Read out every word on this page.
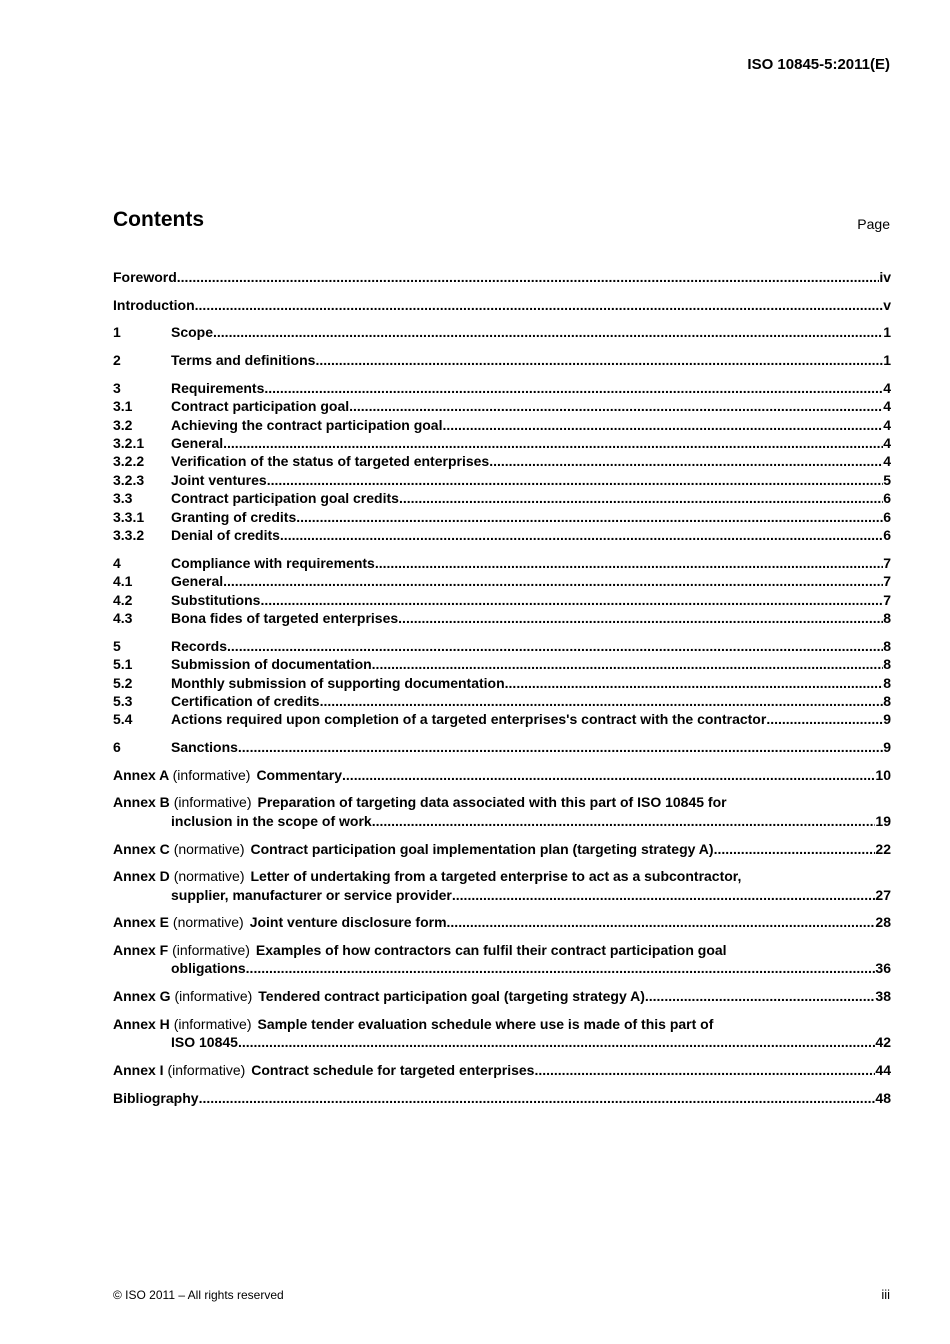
ISO 10845-5:2011(E)
Contents	Page
Foreword .....	iv
Introduction .....	v
1	Scope .....	1
2	Terms and definitions .....	1
3	Requirements .....	4
3.1	Contract participation goal .....	4
3.2	Achieving the contract participation goal .....	4
3.2.1	General .....	4
3.2.2	Verification of the status of targeted enterprises .....	4
3.2.3	Joint ventures .....	5
3.3	Contract participation goal credits .....	6
3.3.1	Granting of credits .....	6
3.3.2	Denial of credits .....	6
4	Compliance with requirements .....	7
4.1	General .....	7
4.2	Substitutions .....	7
4.3	Bona fides of targeted enterprises .....	8
5	Records .....	8
5.1	Submission of documentation .....	8
5.2	Monthly submission of supporting documentation .....	8
5.3	Certification of credits .....	8
5.4	Actions required upon completion of a targeted enterprises's contract with the contractor .....	9
6	Sanctions .....	9
Annex A (informative) Commentary .....	10
Annex B (informative) Preparation of targeting data associated with this part of ISO 10845 for
inclusion in the scope of work .....	19
Annex C (normative) Contract participation goal implementation plan (targeting strategy A) .....	22
Annex D (normative) Letter of undertaking from a targeted enterprise to act as a subcontractor,
supplier, manufacturer or service provider .....	27
Annex E (normative) Joint venture disclosure form .....	28
Annex F (informative) Examples of how contractors can fulfil their contract participation goal
obligations .....	36
Annex G (informative) Tendered contract participation goal (targeting strategy A) .....	38
Annex H (informative) Sample tender evaluation schedule where use is made of this part of
ISO 10845 .....	42
Annex I (informative) Contract schedule for targeted enterprises .....	44
Bibliography .....	48
© ISO 2011 – All rights reserved	iii
